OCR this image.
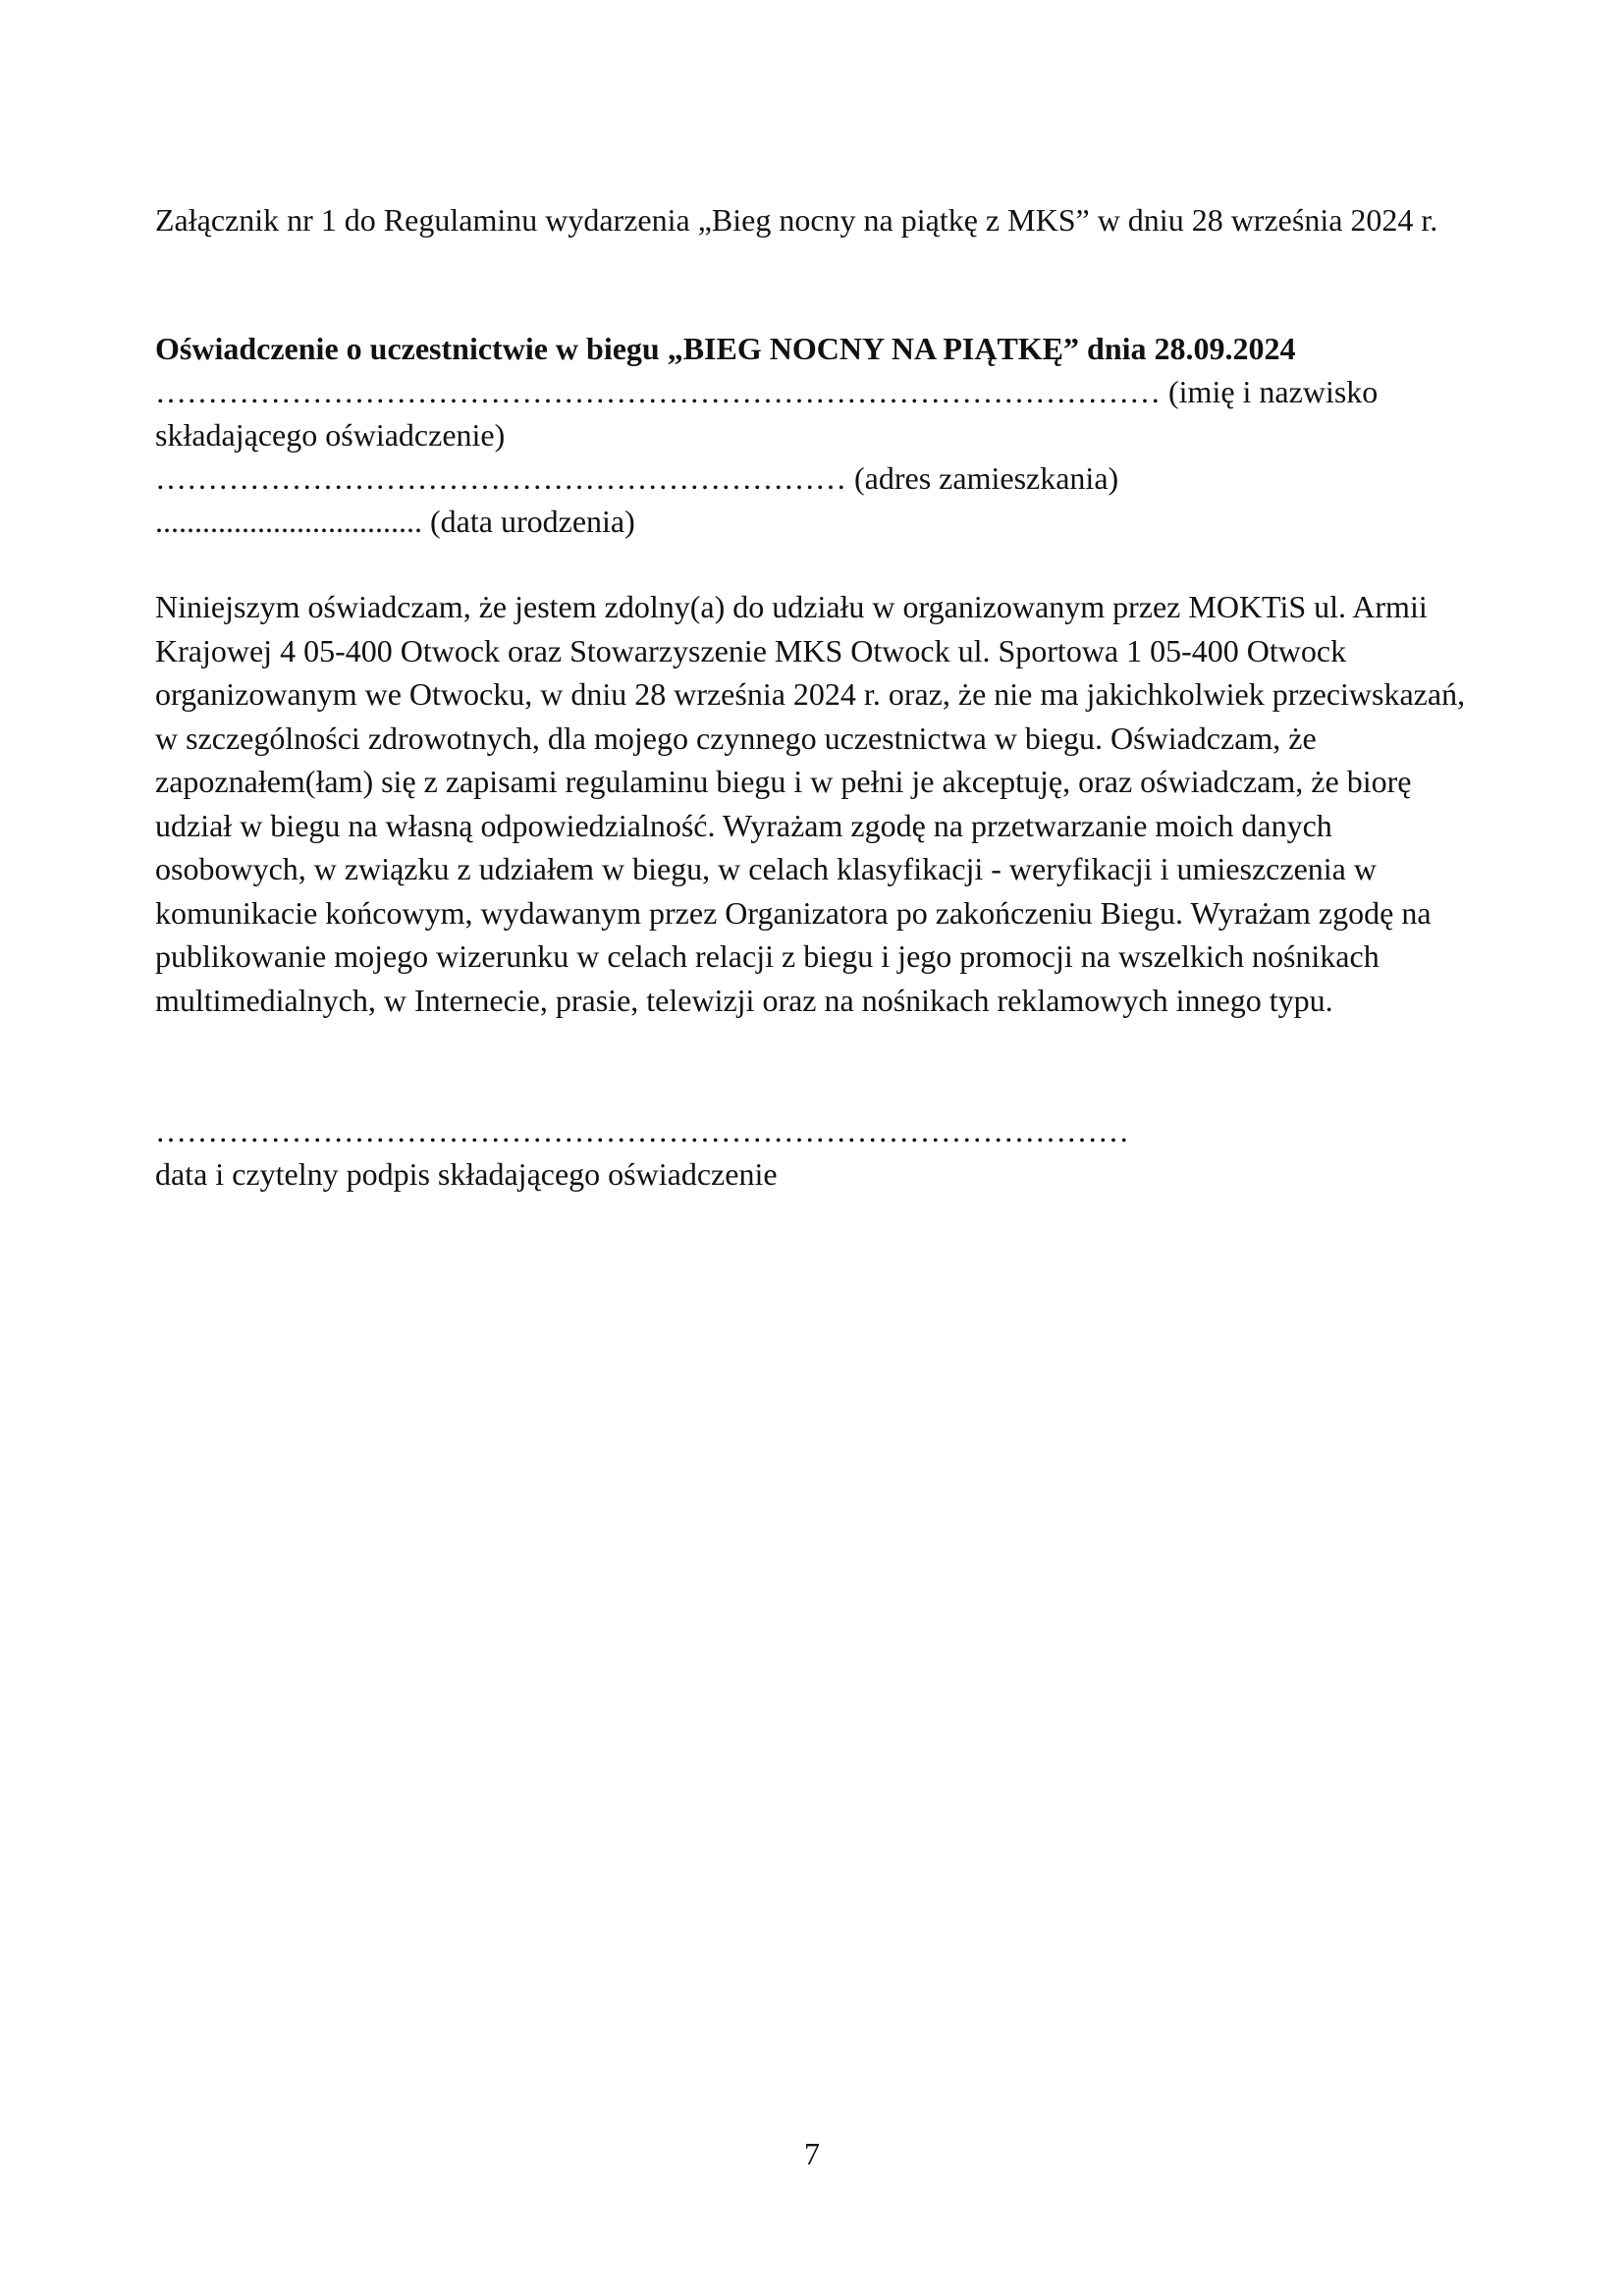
Załącznik nr 1 do Regulaminu wydarzenia „Bieg nocny na piątkę z MKS” w dniu 28 września 2024 r.
Oświadczenie o uczestnictwie w biegu „BIEG NOCNY NA PIĄTKĘ” dnia 28.09.2024
…………………………………………………………………………………… (imię i nazwisko
składającego oświadczenie)
………………………………………………………… (adres zamieszkania)
.................................. (data urodzenia)
Niniejszym oświadczam, że jestem zdolny(a) do udziału w organizowanym przez MOKTiS ul. Armii Krajowej 4 05-400 Otwock oraz Stowarzyszenie MKS Otwock ul. Sportowa 1 05-400 Otwock organizowanym we Otwocku, w dniu 28 września 2024 r. oraz, że nie ma jakichkolwiek przeciwskazań, w szczególności zdrowotnych, dla mojego czynnego uczestnictwa w biegu. Oświadczam, że zapoznałem(łam) się z zapisami regulaminu biegu i w pełni je akceptuję, oraz oświadczam, że biorę udział w biegu na własną odpowiedzialność. Wyrażam zgodę na przetwarzanie moich danych osobowych, w związku z udziałem w biegu, w celach klasyfikacji - weryfikacji i umieszczenia w komunikacie końcowym, wydawanym przez Organizatora po zakończeniu Biegu. Wyrażam zgodę na publikowanie mojego wizerunku w celach relacji z biegu i jego promocji na wszelkich nośnikach multimedialnych, w Internecie, prasie, telewizji oraz na nośnikach reklamowych innego typu.
…………………………………………………………………………………
data i czytelny podpis składającego oświadczenie
7
